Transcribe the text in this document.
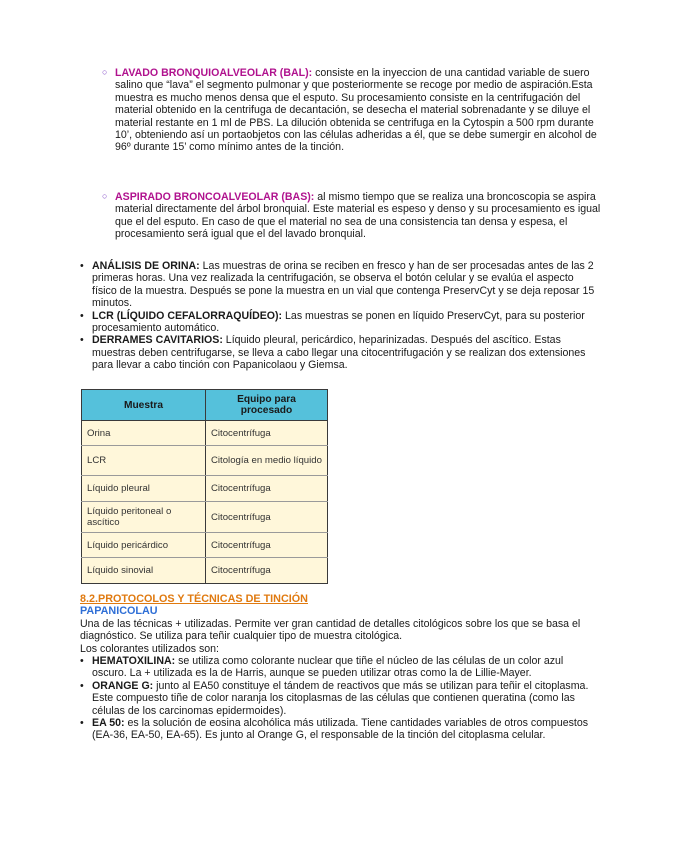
○ LAVADO BRONQUIOALVEOLAR (BAL): consiste en la inyeccion de una cantidad variable de suero salino que “lava” el segmento pulmonar y que posteriormente se recoge por medio de aspiración.Esta muestra es mucho menos densa que el esputo. Su procesamiento consiste en la centrifugación del material obtenido en la centrifuga de decantación, se desecha el material sobrenadante y se diluye el material restante en 1 ml de PBS. La dilución obtenida se centrifuga en la Cytospin a 500 rpm durante 10’, obteniendo así un portaobjetos con las células adheridas a él, que se debe sumergir en alcohol de 96º durante 15’ como mínimo antes de la tinción.
○ ASPIRADO BRONCOALVEOLAR (BAS): al mismo tiempo que se realiza una broncoscopia se aspira material directamente del árbol bronquial. Este material es espeso y denso y su procesamiento es igual que el del esputo. En caso de que el material no sea de una consistencia tan densa y espesa, el procesamiento será igual que el del lavado bronquial.
• ANÁLISIS DE ORINA: Las muestras de orina se reciben en fresco y han de ser procesadas antes de las 2 primeras horas. Una vez realizada la centrifugación, se observa el botón celular y se evalúa el aspecto físico de la muestra. Después se pone la muestra en un vial que contenga PreservCyt y se deja reposar 15 minutos.
• LCR (LÍQUIDO CEFALORRAQUÍDEO): Las muestras se ponen en líquido PreservCyt, para su posterior procesamiento automático.
• DERRAMES CAVITARIOS: Líquido pleural, pericárdico, heparinizadas. Después del ascítico. Estas muestras deben centrifugarse, se lleva a cabo llegar una citocentrifugación y se realizan dos extensiones para llevar a cabo tinción con Papanicolaou y Giemsa.
Muestra	Equipo para procesado
Orina	Citocentrífuga
LCR	Citología en medio líquido
Líquido pleural	Citocentrífuga
Líquido peritoneal o ascítico	Citocentrífuga
Líquido pericárdico	Citocentrífuga
Líquido sinovial	Citocentrífuga
8.2.PROTOCOLOS Y TÉCNICAS DE TINCIÓN
PAPANICOLAU
Una de las técnicas + utilizadas. Permite ver gran cantidad de detalles citológicos sobre los que se basa el diagnóstico. Se utiliza para teñir cualquier tipo de muestra citológica.
Los colorantes utilizados son:
• HEMATOXILINA: se utiliza como colorante nuclear que tiñe el núcleo de las células de un color azul oscuro. La + utilizada es la de Harris, aunque se pueden utilizar otras como la de Lillie-Mayer.
• ORANGE G: junto al EA50 constituye el tándem de reactivos que más se utilizan para teñir el citoplasma. Este compuesto tiñe de color naranja los citoplasmas de las células que contienen queratina (como las células de los carcinomas epidermoides).
• EA 50: es la solución de eosina alcohólica más utilizada. Tiene cantidades variables de otros compuestos (EA-36, EA-50, EA-65). Es junto al Orange G, el responsable de la tinción del citoplasma celular.
